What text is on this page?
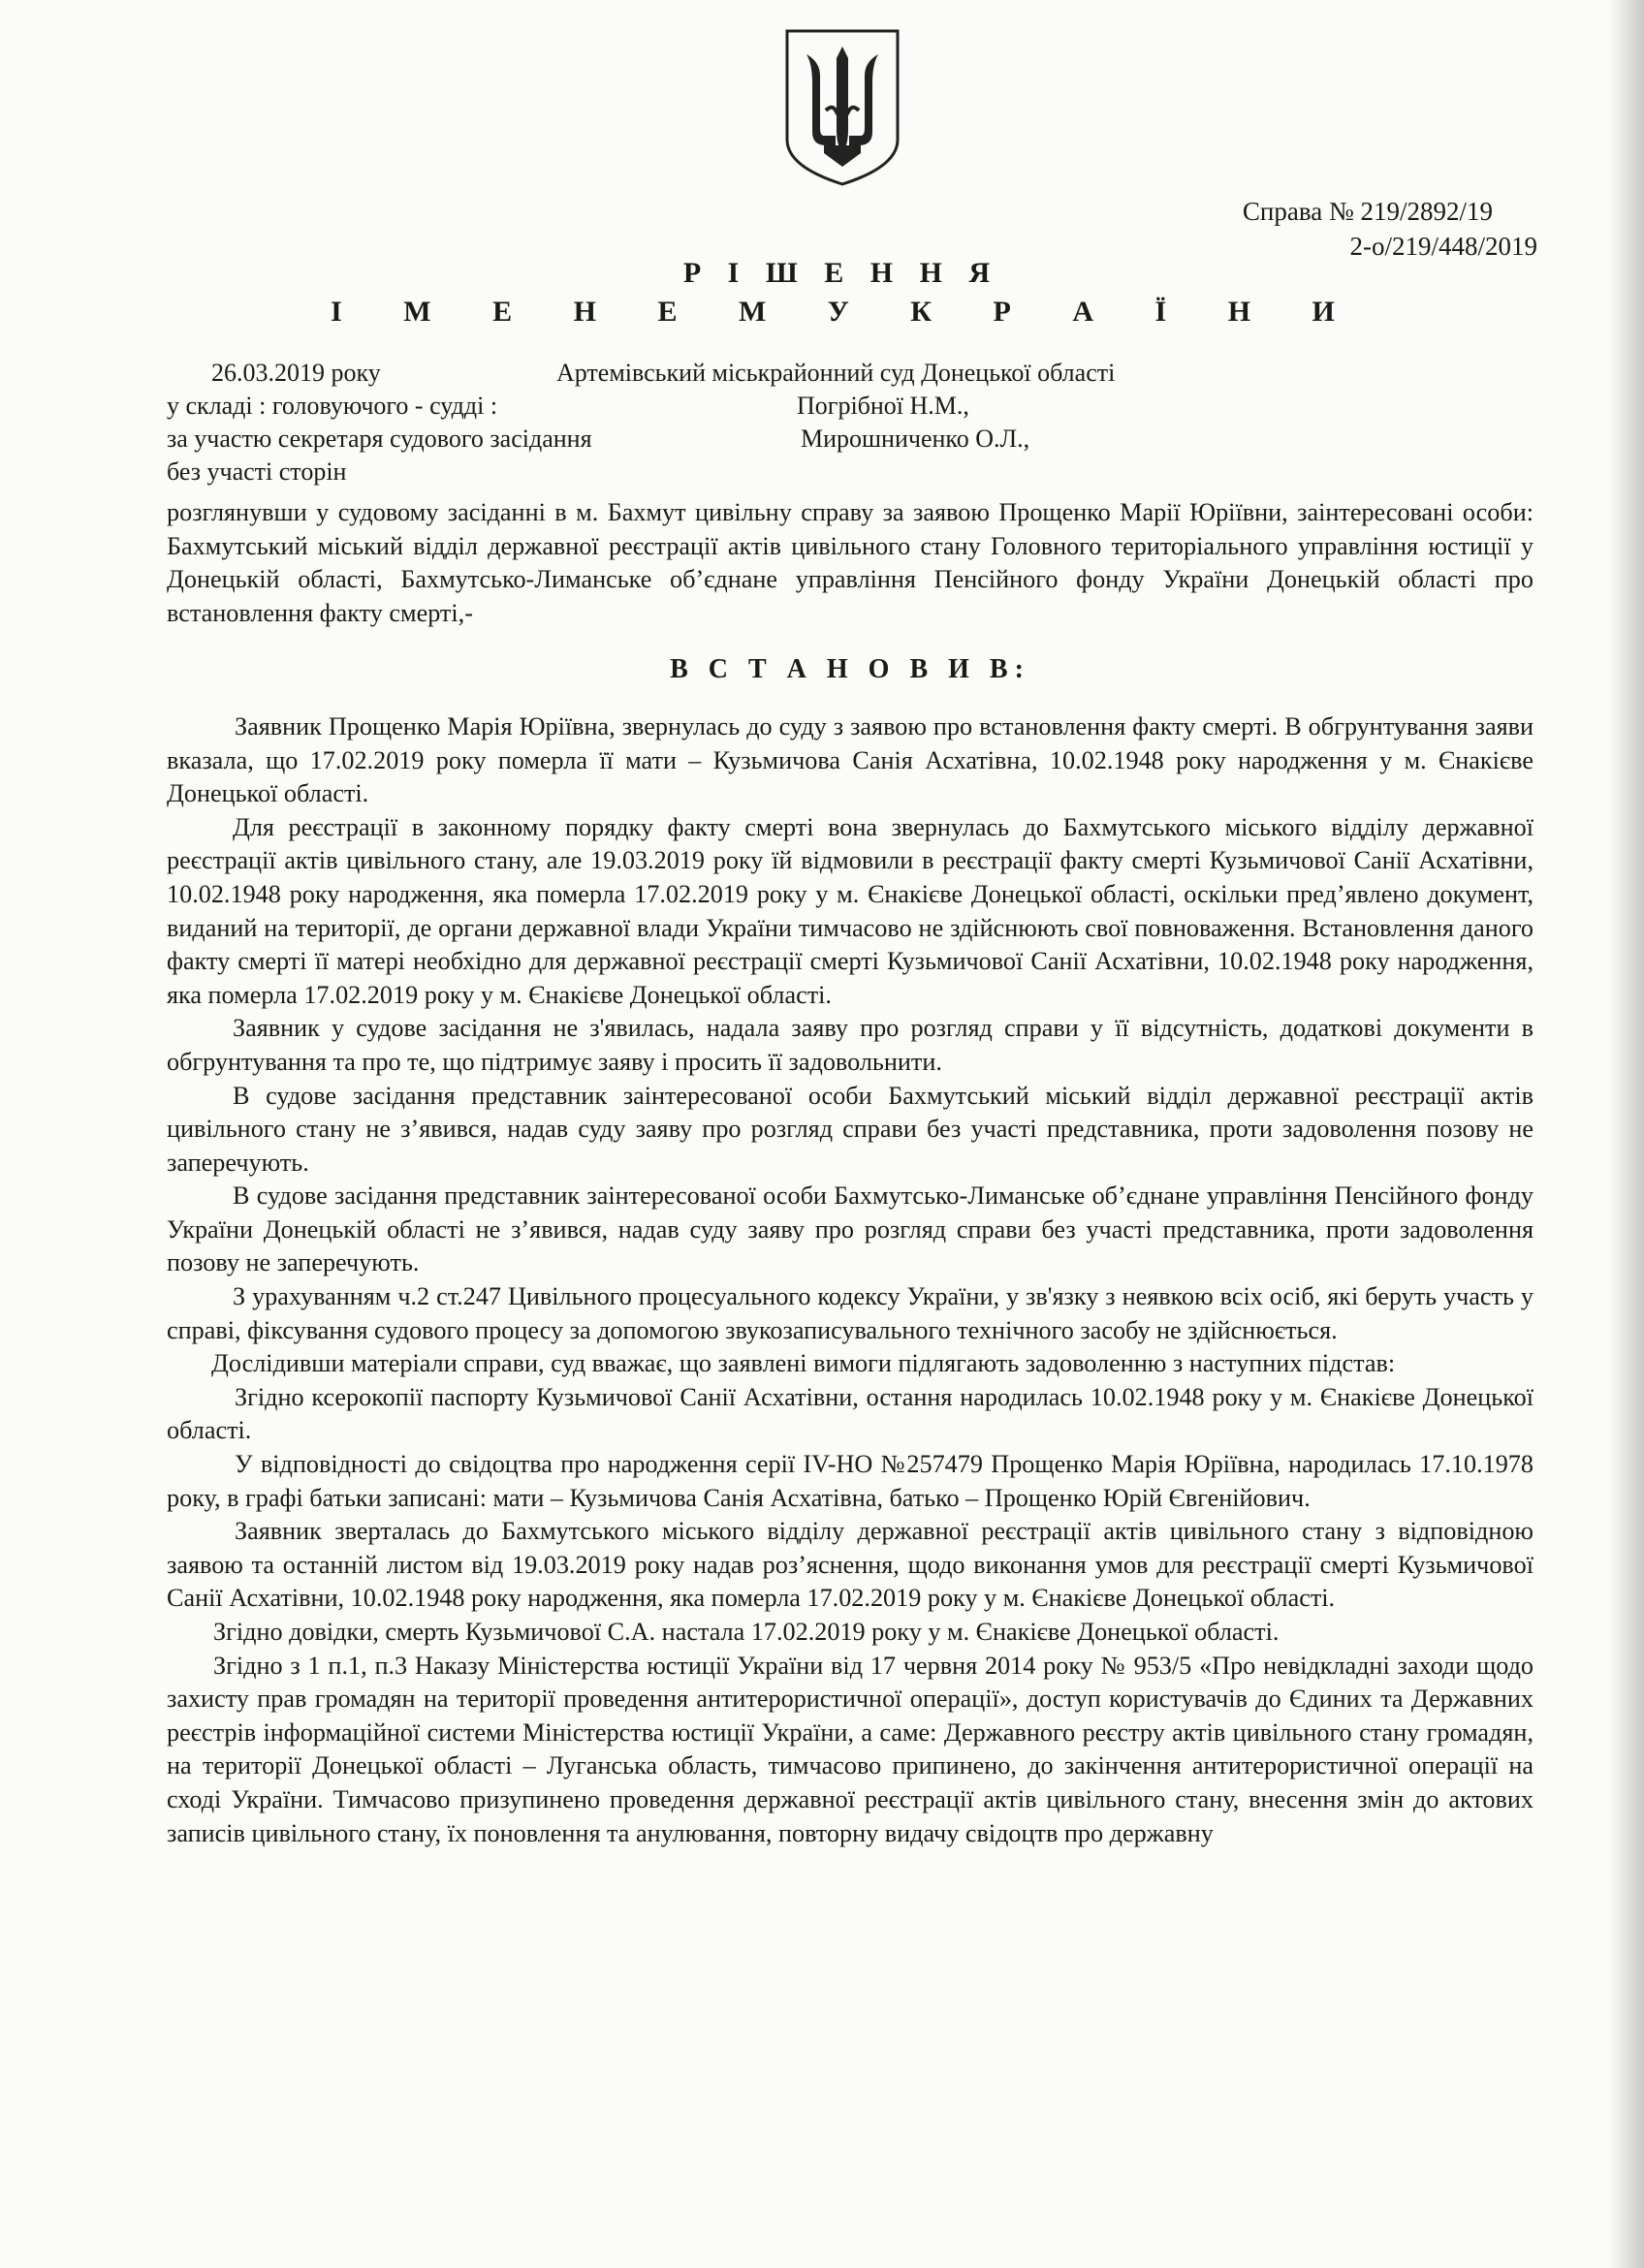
Справа № 219/2892/19
2-о/219/448/2019
Р І Ш Е Н Н Я
І М Е Н Е М У К Р А Ї Н И
26.03.2019 року	Артемівський міськрайонний суд Донецької області
у складі : головуючого - судді :	Погрібної Н.М.,
за участю секретаря судового засідання	Мирошниченко О.Л.,
без участі сторін

розглянувши у судовому засіданні в м. Бахмут цивільну справу за заявою Прощенко Марії Юріївни, заінтересовані особи: Бахмутський міський відділ державної реєстрації актів цивільного стану Головного територіального управління юстиції у Донецькій області, Бахмутсько-Лиманське об’єднане управління Пенсійного фонду України Донецькій області про встановлення факту смерті,-

В С Т А Н О В И В:

Заявник Прощенко Марія Юріївна, звернулась до суду з заявою про встановлення факту смерті. В обгрунтування заяви вказала, що 17.02.2019 року померла її мати – Кузьмичова Санія Асхатівна, 10.02.1948 року народження у м. Єнакієве Донецької області.

Для реєстрації в законному порядку факту смерті вона звернулась до Бахмутського міського відділу державної реєстрації актів цивільного стану, але 19.03.2019 року їй відмовили в реєстрації факту смерті Кузьмичової Санії Асхатівни, 10.02.1948 року народження, яка померла 17.02.2019 року у м. Єнакієве Донецької області, оскільки пред’явлено документ, виданий на території, де органи державної влади України тимчасово не здійснюють свої повноваження. Встановлення даного факту смерті її матері необхідно для державної реєстрації смерті Кузьмичової Санії Асхатівни, 10.02.1948 року народження, яка померла 17.02.2019 року у м. Єнакієве Донецької області.

Заявник у судове засідання не з'явилась, надала заяву про розгляд справи у її відсутність, додаткові документи в обгрунтування та про те, що підтримує заяву і просить її задовольнити.

В судове засідання представник заінтересованої особи Бахмутський міський відділ державної реєстрації актів цивільного стану не з’явився, надав суду заяву про розгляд справи без участі представника, проти задоволення позову не заперечують.

В судове засідання представник заінтересованої особи Бахмутсько-Лиманське об’єднане управління Пенсійного фонду України Донецькій області не з’явився, надав суду заяву про розгляд справи без участі представника, проти задоволення позову не заперечують.

З урахуванням ч.2 ст.247 Цивільного процесуального кодексу України, у зв'язку з неявкою всіх осіб, які беруть участь у справі, фіксування судового процесу за допомогою звукозаписувального технічного засобу не здійснюється.

Дослідивши матеріали справи, суд вважає, що заявлені вимоги підлягають задоволенню з наступних підстав:

Згідно ксерокопії паспорту Кузьмичової Санії Асхатівни, остання народилась 10.02.1948 року у м. Єнакієве Донецької області.

У відповідності до свідоцтва про народження серії IV-НО №257479 Прощенко Марія Юріївна, народилась 17.10.1978 року, в графі батьки записані: мати – Кузьмичова Санія Асхатівна, батько – Прощенко Юрій Євгенійович.

Заявник зверталась до Бахмутського міського відділу державної реєстрації актів цивільного стану з відповідною заявою та останній листом від 19.03.2019 року надав роз’яснення, щодо виконання умов для реєстрації смерті Кузьмичової Санії Асхатівни, 10.02.1948 року народження, яка померла 17.02.2019 року у м. Єнакієве Донецької області.

Згідно довідки, смерть Кузьмичової С.А. настала 17.02.2019 року у м. Єнакієве Донецької області.

Згідно з 1 п.1, п.3 Наказу Міністерства юстиції України від 17 червня 2014 року № 953/5 «Про невідкладні заходи щодо захисту прав громадян на території проведення антитерористичної операції», доступ користувачів до Єдиних та Державних реєстрів інформаційної системи Міністерства юстиції України, а саме: Державного реєстру актів цивільного стану громадян, на території Донецької області – Луганська область, тимчасово припинено, до закінчення антитерористичної операції на сході України. Тимчасово призупинено проведення державної реєстрації актів цивільного стану, внесення змін до актових записів цивільного стану, їх поновлення та анулювання, повторну видачу свідоцтв про державну
